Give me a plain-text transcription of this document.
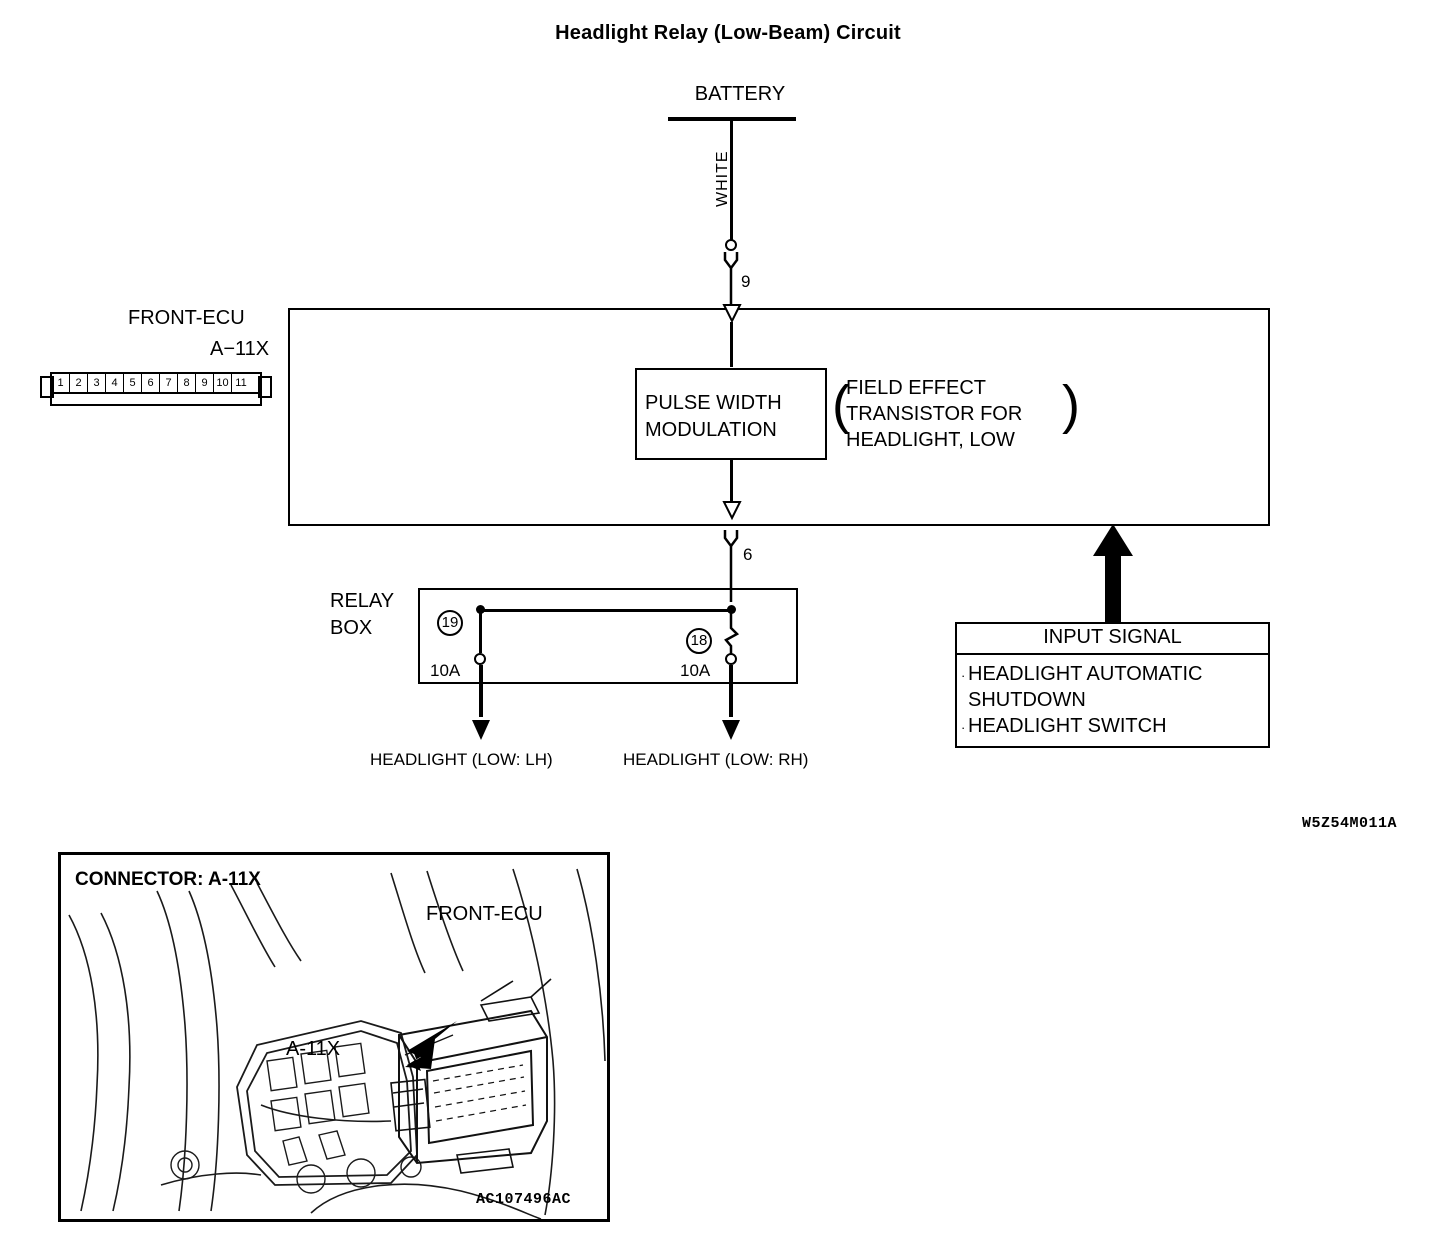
Headlight Relay (Low-Beam) Circuit
BATTERY
WHITE
9
FRONT-ECU
A−11X
1	2	3	4	5	6	7	8	9 10 11
PULSE WIDTH
MODULATION (	)
FIELD EFFECT
TRANSISTOR FOR
HEADLIGHT, LOW
6
RELAY
BOX	19
10A
HEADLIGHT (LOW: LH)
18
10A
HEADLIGHT (LOW: RH)
INPUT SIGNAL
· HEADLIGHT AUTOMATIC
SHUTDOWN
· HEADLIGHT SWITCH
W5Z54M011A
CONNECTOR: A-11X
FRONT-ECU
A-11X
AC107496AC
